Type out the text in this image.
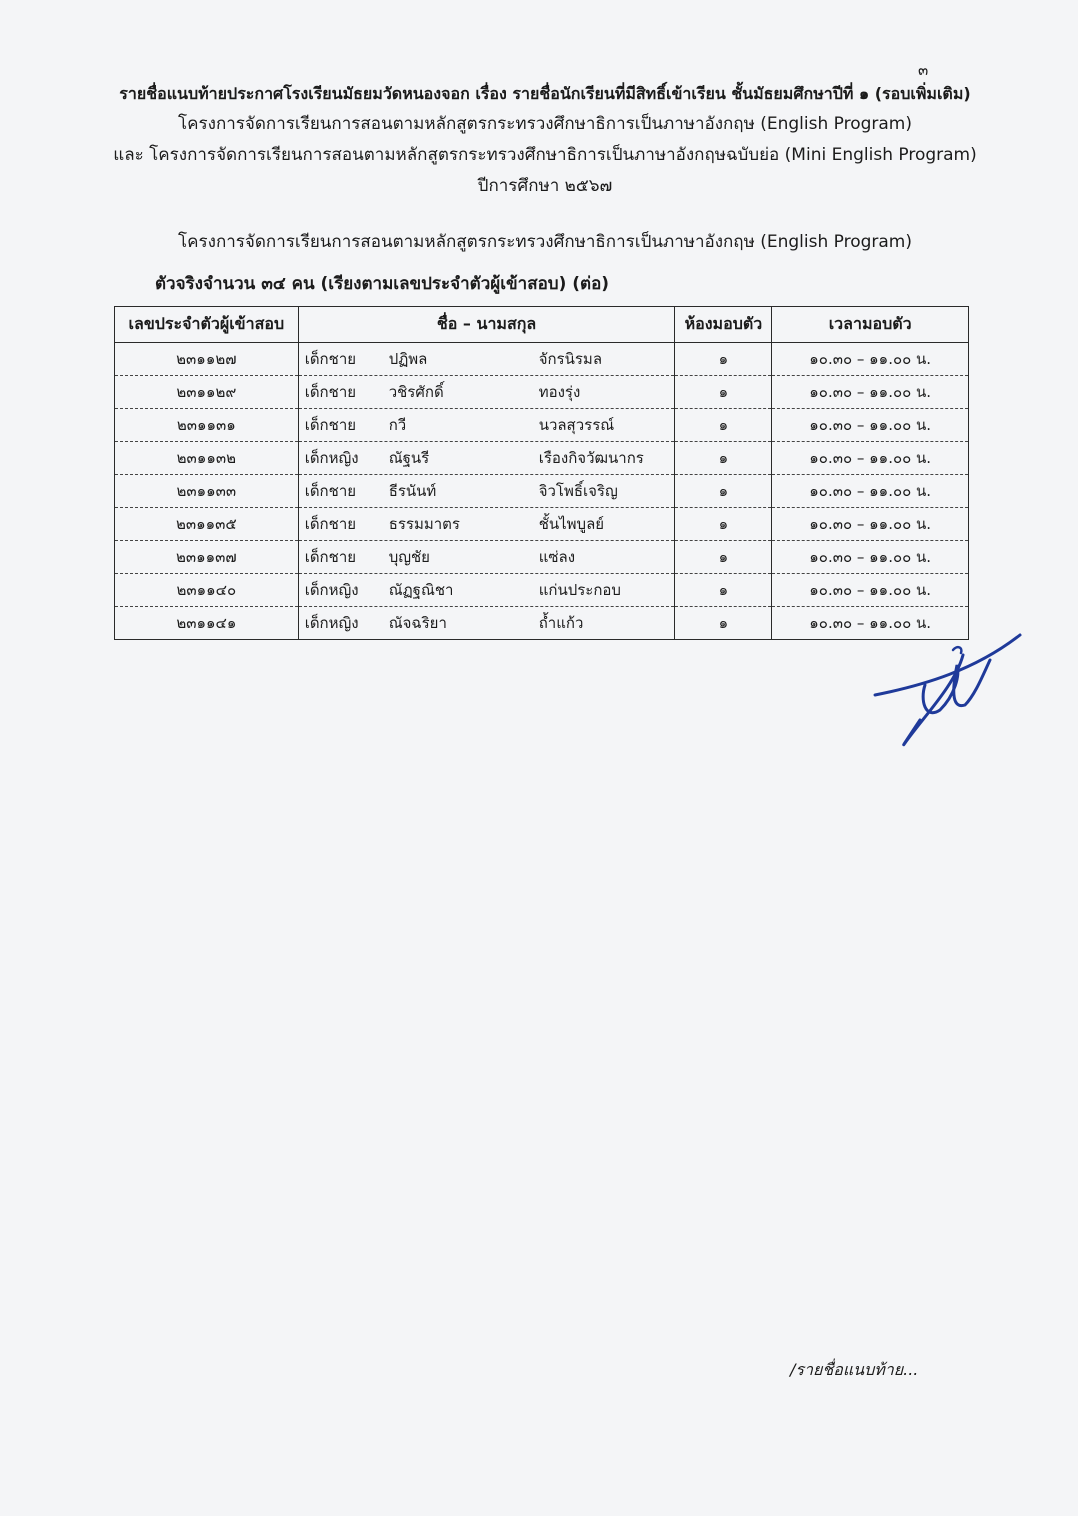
๓
รายชื่อแนบท้ายประกาศโรงเรียนมัธยมวัดหนองจอก เรื่อง รายชื่อนักเรียนที่มีสิทธิ์เข้าเรียน ชั้นมัธยมศึกษาปีที่ ๑ (รอบเพิ่มเติม)
โครงการจัดการเรียนการสอนตามหลักสูตรกระทรวงศึกษาธิการเป็นภาษาอังกฤษ (English Program)
และ โครงการจัดการเรียนการสอนตามหลักสูตรกระทรวงศึกษาธิการเป็นภาษาอังกฤษฉบับย่อ (Mini English Program)
ปีการศึกษา ๒๕๖๗
โครงการจัดการเรียนการสอนตามหลักสูตรกระทรวงศึกษาธิการเป็นภาษาอังกฤษ (English Program)
ตัวจริงจำนวน ๓๔ คน (เรียงตามเลขประจำตัวผู้เข้าสอบ) (ต่อ)
เลขประจำตัวผู้เข้าสอบ	ชื่อ – นามสกุล	ห้องมอบตัว	เวลามอบตัว
๒๓๑๑๒๗	เด็กชาย ปฏิพล จักรนิรมล	๑	๑๐.๓๐ – ๑๑.๐๐ น.
๒๓๑๑๒๙	เด็กชาย วชิรศักดิ์ ทองรุ่ง	๑	๑๐.๓๐ – ๑๑.๐๐ น.
๒๓๑๑๓๑	เด็กชาย กวี นวลสุวรรณ์	๑	๑๐.๓๐ – ๑๑.๐๐ น.
๒๓๑๑๓๒	เด็กหญิง ณัฐนรี เรืองกิจวัฒนากร	๑	๑๐.๓๐ – ๑๑.๐๐ น.
๒๓๑๑๓๓	เด็กชาย ธีรนันท์ จิวโพธิ์เจริญ	๑	๑๐.๓๐ – ๑๑.๐๐ น.
๒๓๑๑๓๕	เด็กชาย ธรรมมาตร ชั้นไพบูลย์	๑	๑๐.๓๐ – ๑๑.๐๐ น.
๒๓๑๑๓๗	เด็กชาย บุญชัย แซ่ลง	๑	๑๐.๓๐ – ๑๑.๐๐ น.
๒๓๑๑๔๐	เด็กหญิง ณัฏฐณิชา แก่นประกอบ	๑	๑๐.๓๐ – ๑๑.๐๐ น.
๒๓๑๑๔๑	เด็กหญิง ณัจฉริยา ถ้ำแก้ว	๑	๑๐.๓๐ – ๑๑.๐๐ น.
/รายชื่อแนบท้าย...
